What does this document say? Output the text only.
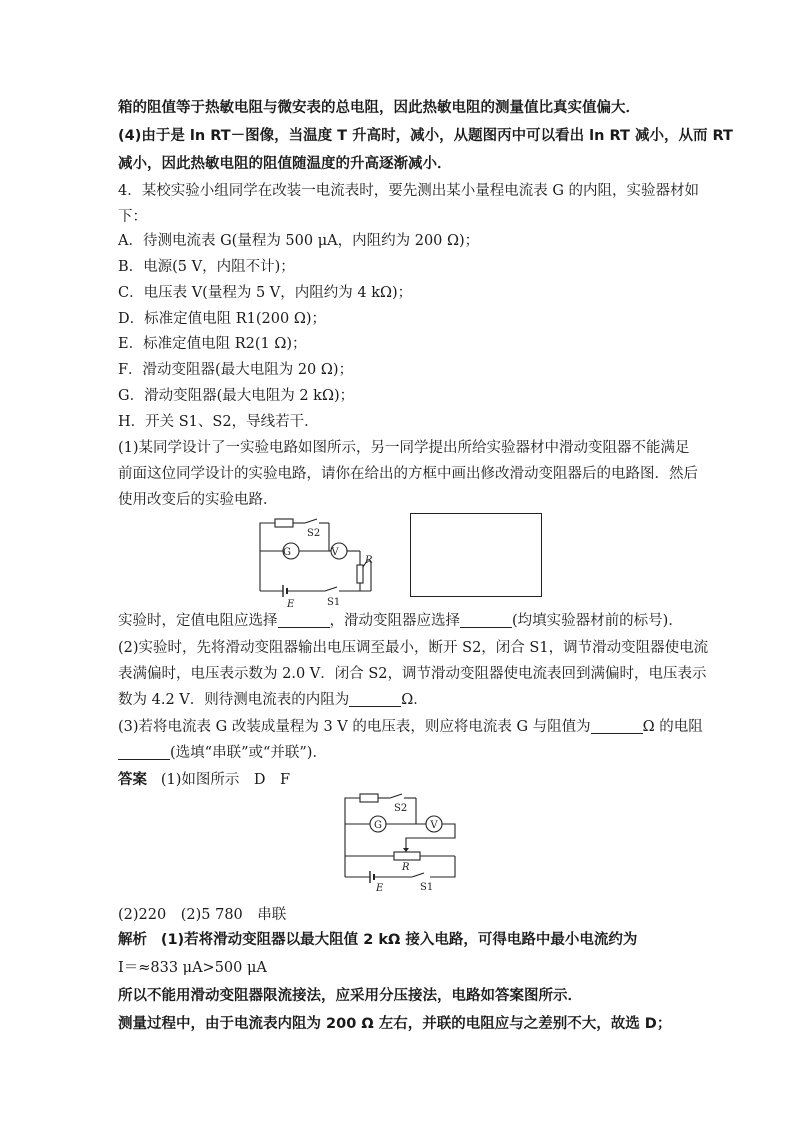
箱的阻值等于热敏电阻与微安表的总电阻，因此热敏电阻的测量值比真实值偏大．
(4)由于是 ln RT－图像，当温度 T 升高时，减小，从题图丙中可以看出 ln RT 减小，从而 RT
减小，因此热敏电阻的阻值随温度的升高逐渐减小．
4．某校实验小组同学在改装一电流表时，要先测出某小量程电流表 G 的内阻，实验器材如
下：
A．待测电流表 G(量程为 500 μA，内阻约为 200 Ω)；
B．电源(5 V，内阻不计)；
C．电压表 V(量程为 5 V，内阻约为 4 kΩ)；
D．标准定值电阻 R1(200 Ω)；
E．标准定值电阻 R2(1 Ω)；
F．滑动变阻器(最大电阻为 20 Ω)；
G．滑动变阻器(最大电阻为 2 kΩ)；
H．开关 S1、S2，导线若干．
(1)某同学设计了一实验电路如图所示，另一同学提出所给实验器材中滑动变阻器不能满足
前面这位同学设计的实验电路，请你在给出的方框中画出修改滑动变阻器后的电路图．然后
使用改变后的实验电路．
G	V
S2
R
E	S1
实验时，定值电阻应选择	，滑动变阻器应选择	(均填实验器材前的标号)．
(2)实验时，先将滑动变阻器输出电压调至最小，断开 S2，闭合 S1，调节滑动变阻器使电流
表满偏时，电压表示数为 2.0 V．闭合 S2，调节滑动变阻器使电流表回到满偏时，电压表示
数为 4.2 V．则待测电流表的内阻为	Ω．
(3)若将电流表 G 改装成量程为 3 V 的电压表，则应将电流表 G 与阻值为	Ω 的电阻
(选填“串联”或“并联”)．
答案 (1)如图所示　D　F
G	V
S2
R
E	S1
(2)220　(2)5 780　串联
解析 (1)若将滑动变阻器以最大阻值 2 kΩ 接入电路，可得电路中最小电流约为
I＝≈833 μA>500 μA
所以不能用滑动变阻器限流接法，应采用分压接法，电路如答案图所示．
测量过程中，由于电流表内阻为 200 Ω 左右，并联的电阻应与之差别不大，故选 D；
